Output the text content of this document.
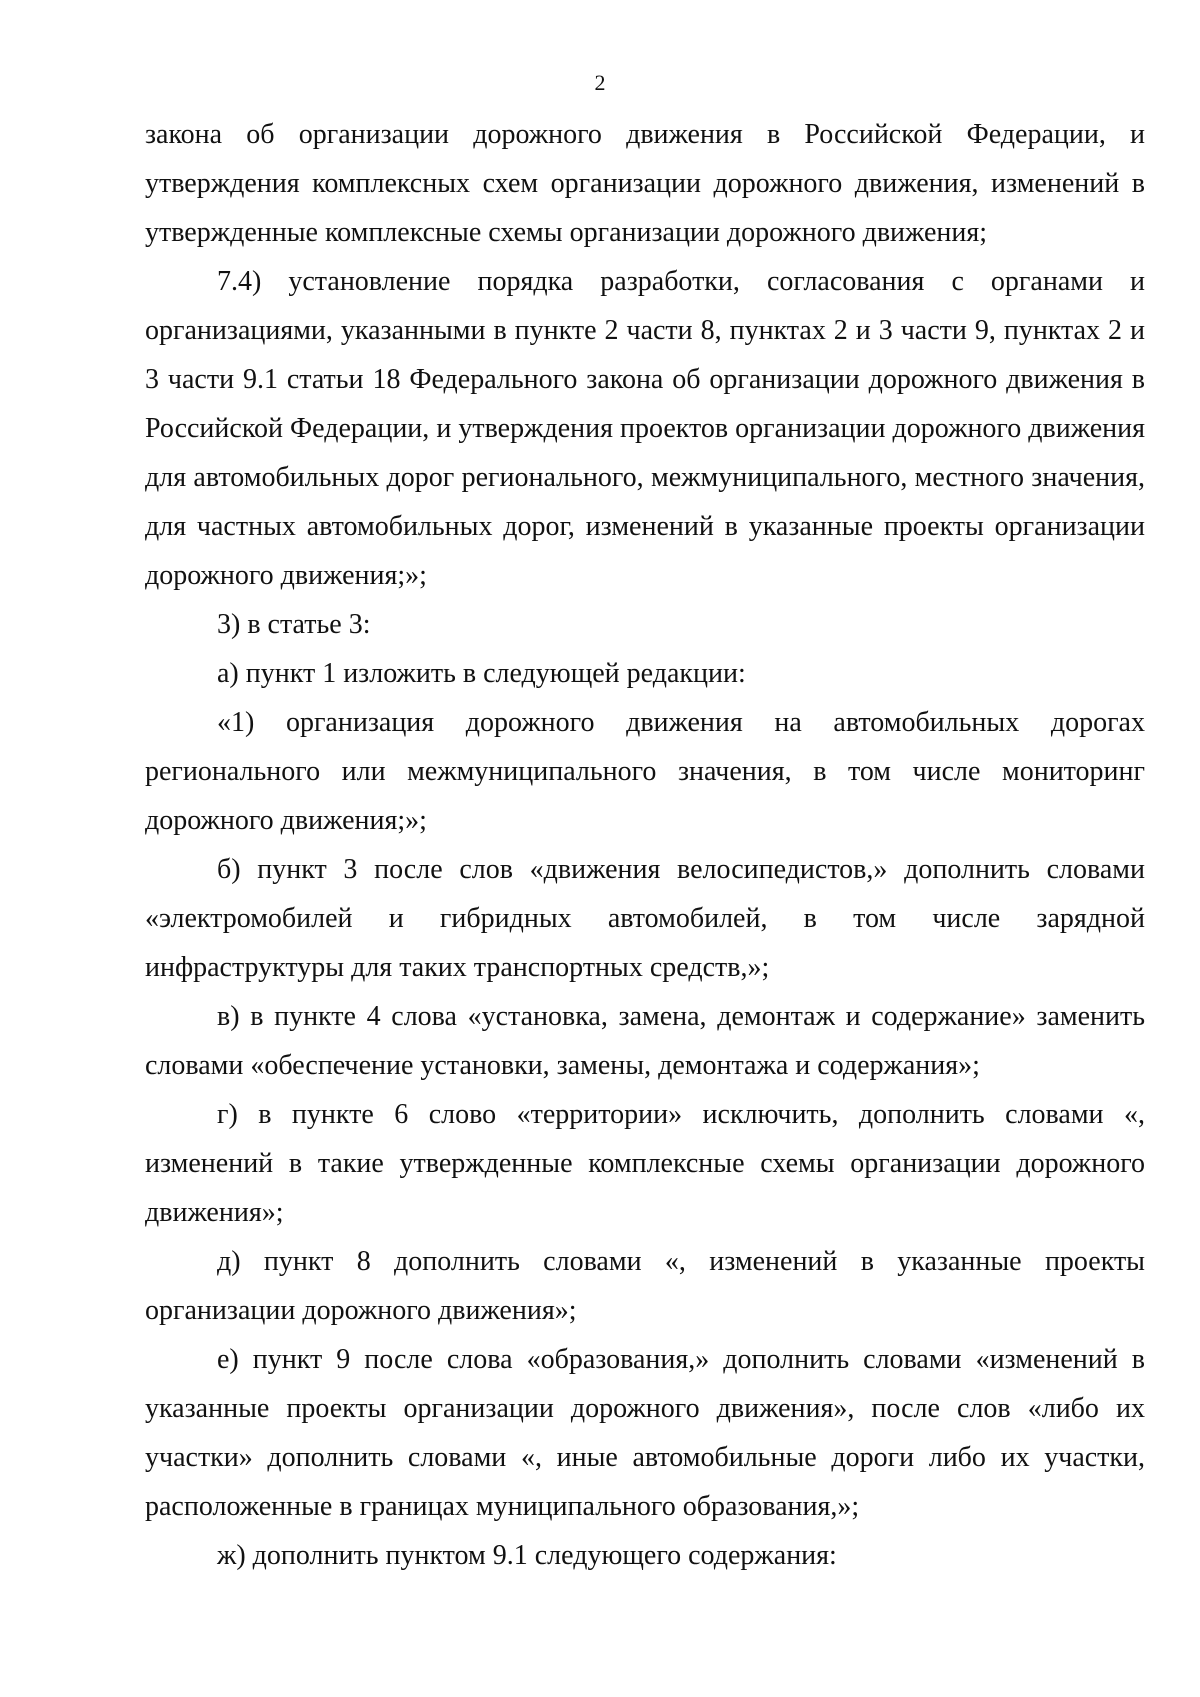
2

закона об организации дорожного движения в Российской Федерации, и утверждения комплексных схем организации дорожного движения, изменений в утвержденные комплексные схемы организации дорожного движения;

7.4) установление порядка разработки, согласования с органами и организациями, указанными в пункте 2 части 8, пунктах 2 и 3 части 9, пунктах 2 и 3 части 9.1 статьи 18 Федерального закона об организации дорожного движения в Российской Федерации, и утверждения проектов организации дорожного движения для автомобильных дорог регионального, межмуниципального, местного значения, для частных автомобильных дорог, изменений в указанные проекты организации дорожного движения;»;

3) в статье 3:

а) пункт 1 изложить в следующей редакции:

«1) организация дорожного движения на автомобильных дорогах регионального или межмуниципального значения, в том числе мониторинг дорожного движения;»;

б) пункт 3 после слов «движения велосипедистов,» дополнить словами «электромобилей и гибридных автомобилей, в том числе зарядной инфраструктуры для таких транспортных средств,»;

в) в пункте 4 слова «установка, замена, демонтаж и содержание» заменить словами «обеспечение установки, замены, демонтажа и содержания»;

г) в пункте 6 слово «территории» исключить, дополнить словами «, изменений в такие утвержденные комплексные схемы организации дорожного движения»;

д) пункт 8 дополнить словами «, изменений в указанные проекты организации дорожного движения»;

е) пункт 9 после слова «образования,» дополнить словами «изменений в указанные проекты организации дорожного движения», после слов «либо их участки» дополнить словами «, иные автомобильные дороги либо их участки, расположенные в границах муниципального образования,»;

ж) дополнить пунктом 9.1 следующего содержания:
